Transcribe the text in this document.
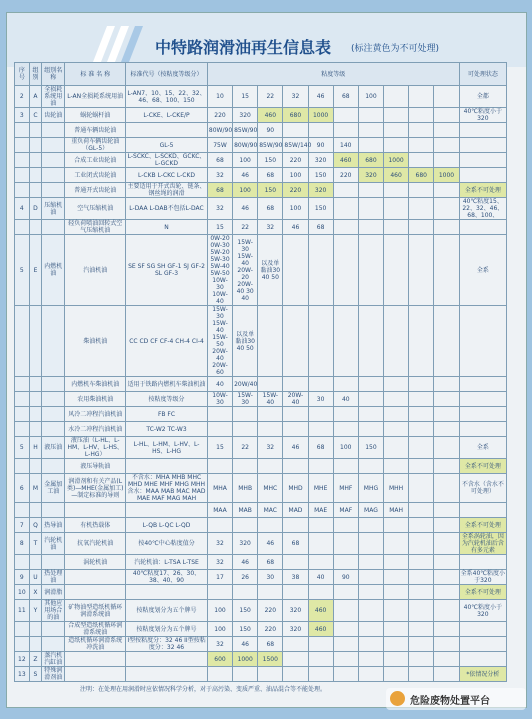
中特路润滑油再生信息表 (标注黄色为不可处理)
序号	组别	组别名称	标 准 名 称	标准代号（按粘度等级分）	粘度等级										可处理状态
2	A	全损耗系统用油	L-AN全损耗系统用油	L-AN7、10、15、22、32、46、68、100、150	10	15	22	32	46	68	100				全都
3	C	齿轮油	蜗轮蜗杆油	L-CKE、L-CKE/P	220	320	460	680	1000						40℃粘度小于320
			普通车辆齿轮油		80W/90	85W/90	90								
			重负荷车辆齿轮油（GL-5）	GL-5	75W	80W/90	85W/90	85W/140	90	140					
			合成工业齿轮油	L-SCKC、L-SCKD、GCKC、L-GCKD	68	100	150	220	320	460	680	1000			
			工业闭式齿轮油	L-CKB L-CKC L-CKD	32	46	68	100	150	220	320	460	680	1000	
			普通开式齿轮油	主要适用于开式齿轮、链条、钢丝绳的润滑	68	100	150	220	320						全系不可处理
4	D	压缩机油	空气压缩机油	L-DAA L-DAB不包括L-DAC	32	46	68	100	150						40℃粘度15、22、32、46、68、100、
			轻负荷喷油回转式空气压缩机油	N	15	22	32	46	68						
5	E	内燃机油	汽油机油	SE SF SG SH GF-1 SJ GF-2 SL GF-3	0W-20 0W-30 5W-20 5W-30 5W-40 5W-50 10W-30 10W-40	15W-30 15W-40 20W-20 20W-40 30 40	以及单黏油30 40 50								全系
			柴油机油	CC CD CF CF-4 CH-4 CI-4	15W-30 15W-40 15W-50 20W-40 20W-60	以及单黏油30 40 50									
			内燃机车柴油机油	适用于铁路内燃机车柴油机油	40	20W/40									
			农用柴油机油	按粘度等级分	10W-30	15W-30	15W-40	20W-40	30	40					
			风冷二冲程汽油机油	FB FC											
			水冷二冲程汽油机油	TC-W2 TC-W3											
5	H	液压油	液压油（L-HL、L-HM、L-HV、L-HS、L-HG）	L-HL、L-HM、L-HV、L-HS、L-HG	15	22	32	46	68	100	150				全系
			液压导轨油												全系不可处理
6	M	金属加工油	润滑剂和有关产品(L类)—MHE(金属加工)—制定标准的导则	不含水：MHA MHB MHC MHD MHE MHF MHG MHH 含水：MAA MAB MAC MAD MAE MAF MAG MAH	MHA	MHB	MHC	MHD	MHE	MHF	MHG	MHH			不含水（含水不可处理）
					MAA	MAB	MAC	MAD	MAE	MAF	MAG	MAH			
7	Q	热导油	有机热载体	L-QB L-QC L-QD											全系不可处理
8	T	汽轮机油	抗氧汽轮机油	按40℃中心粘度值分	32	320	46	68							全系涡轮油，因为汽轮机油后含有多元素
			涡轮机油	汽轮机油：L-TSA L-TSE	32	46	68								
9	U	热处理油		40℃粘度17、26、30、38、40、90	17	26	30	38	40	90					全系40℃粘度小于320
10	X	润滑脂													全系不可处理
11	Y	其他应用场合的油	矿物油型造纸机循环润滑系统油	按粘度划分为五个牌号	100	150	220	320	460						40℃粘度小于320
			合成型造纸机循环润滑系统油	按粘度划分为五个牌号	100	150	220	320	460						
			造纸机循环润滑系统冲洗油	I型按粘度分：32 46 II型按粘度分：32 46	32	46	68								
12	Z	蒸汽机汽缸油			600	1000	1500								
13	S	特殊润滑剂油													*依情况分析
注明：在处理在用润滑时应依情况科学分析，对于高污染、变质严重、油品混合等不能处理。
危险废物处置平台
